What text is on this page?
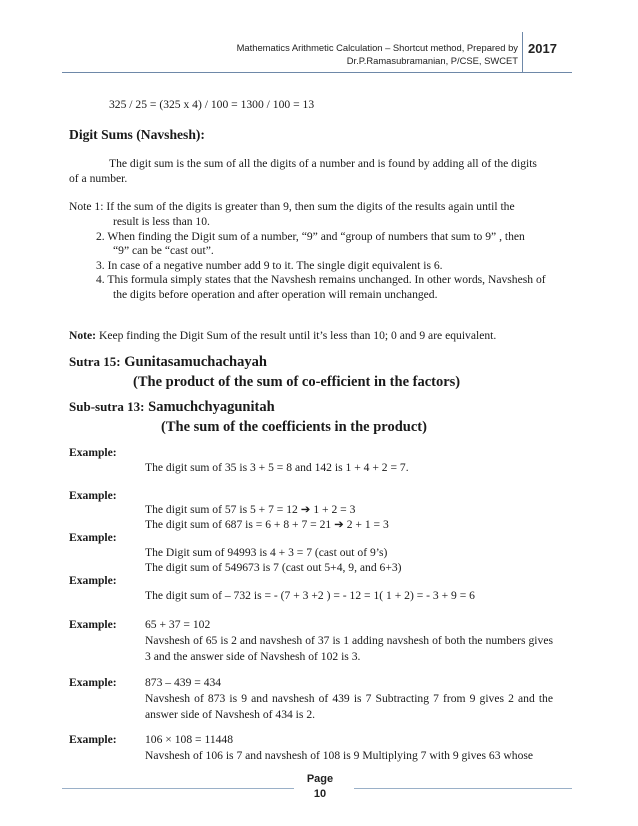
Mathematics Arithmetic Calculation – Shortcut method, Prepared by
Dr.P.Ramasubramanian, P/CSE, SWCET
2017
325 / 25 = (325 x 4) / 100 = 1300 / 100 = 13
Digit Sums (Navshesh):
The digit sum is the sum of all the digits of a number and is found by adding all of the digits
of a number.
Note 1: If the sum of the digits is greater than 9, then sum the digits of the results again until the
result is less than 10.
2. When finding the Digit sum of a number, “9” and “group of numbers that sum to 9” , then
“9” can be “cast out”.
3. In case of a negative number add 9 to it. The single digit equivalent is 6.
4. This formula simply states that the Navshesh remains unchanged. In other words, Navshesh of
the digits before operation and after operation will remain unchanged.
Note: Keep finding the Digit Sum of the result until it’s less than 10; 0 and 9 are equivalent.
Sutra 15: Gunitasamuchachayah
(The product of the sum of co-efficient in the factors)
Sub-sutra 13: Samuchchyagunitah
(The sum of the coefficients in the product)
Example:
The digit sum of 35 is 3 + 5 = 8 and 142 is 1 + 4 + 2 = 7.
Example:
The digit sum of 57 is 5 + 7 = 12 ➔ 1 + 2 = 3
The digit sum of 687 is = 6 + 8 + 7 = 21 ➔ 2 + 1 = 3
Example:
The Digit sum of 94993 is 4 + 3 = 7 (cast out of 9’s)
The digit sum of 549673 is 7 (cast out 5+4, 9, and 6+3)
Example:
The digit sum of – 732 is = - (7 + 3 +2 ) = - 12 = 1( 1 + 2) = - 3 + 9 = 6
Example: 65 + 37 = 102
Navshesh of 65 is 2 and navshesh of 37 is 1 adding navshesh of both the numbers gives 3 and the answer side of Navshesh of 102 is 3.
Example: 873 – 439 = 434
Navshesh of 873 is 9 and navshesh of 439 is 7 Subtracting 7 from 9 gives 2 and the answer side of Navshesh of 434 is 2.
Example: 106 × 108 = 11448
Navshesh of 106 is 7 and navshesh of 108 is 9 Multiplying 7 with 9 gives 63 whose
Page
10
